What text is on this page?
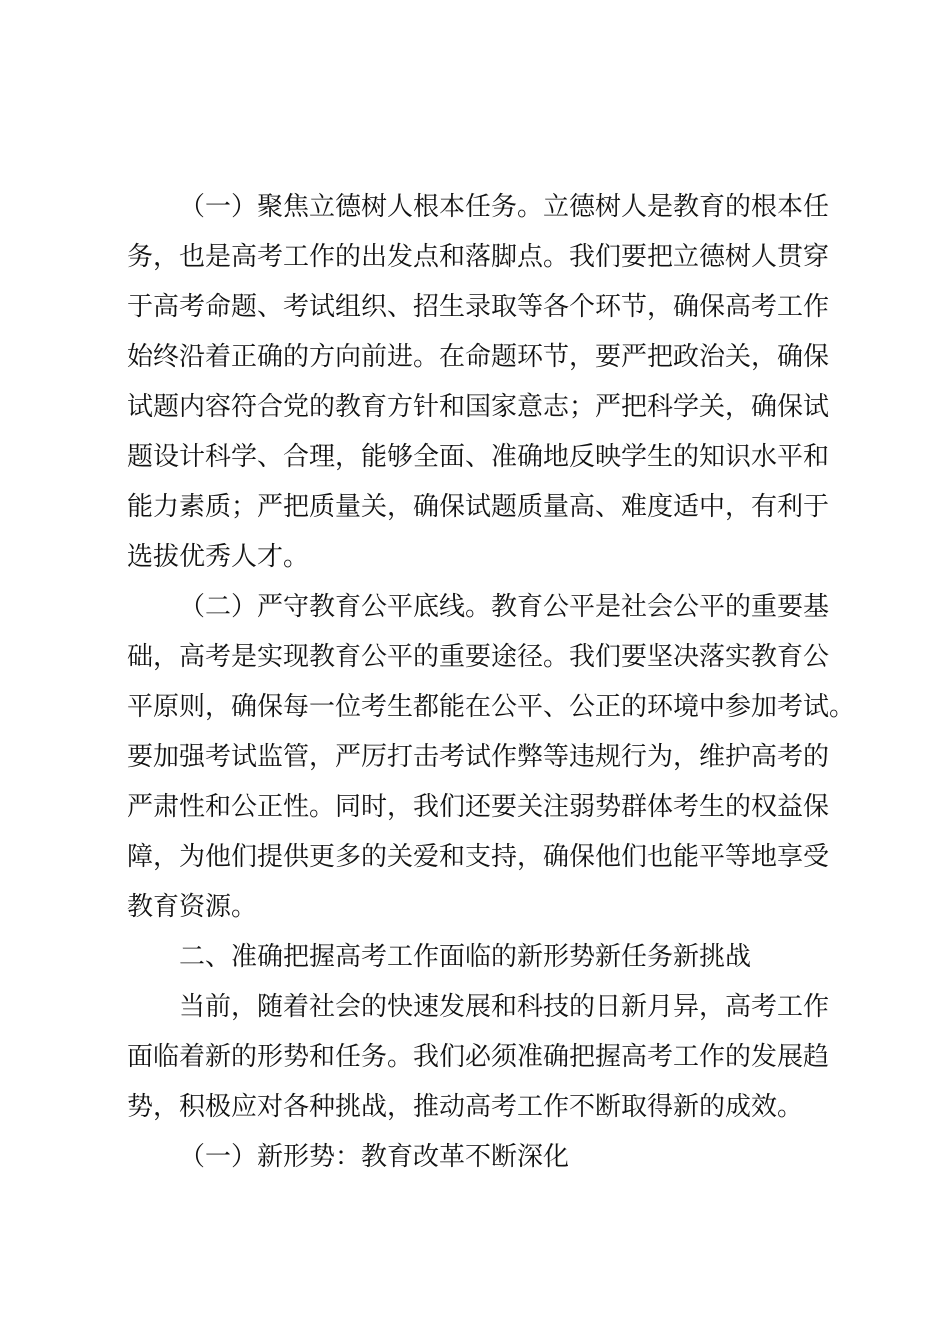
（一）聚焦立德树人根本任务。立德树人是教育的根本任
务，也是高考工作的出发点和落脚点。我们要把立德树人贯穿
于高考命题、考试组织、招生录取等各个环节，确保高考工作
始终沿着正确的方向前进。在命题环节，要严把政治关，确保
试题内容符合党的教育方针和国家意志；严把科学关，确保试
题设计科学、合理，能够全面、准确地反映学生的知识水平和
能力素质；严把质量关，确保试题质量高、难度适中，有利于
选拔优秀人才。
（二）严守教育公平底线。教育公平是社会公平的重要基
础，高考是实现教育公平的重要途径。我们要坚决落实教育公
平原则，确保每一位考生都能在公平、公正的环境中参加考试。
要加强考试监管，严厉打击考试作弊等违规行为，维护高考的
严肃性和公正性。同时，我们还要关注弱势群体考生的权益保
障，为他们提供更多的关爱和支持，确保他们也能平等地享受
教育资源。
二、准确把握高考工作面临的新形势新任务新挑战
当前，随着社会的快速发展和科技的日新月异，高考工作
面临着新的形势和任务。我们必须准确把握高考工作的发展趋
势，积极应对各种挑战，推动高考工作不断取得新的成效。
（一）新形势：教育改革不断深化
